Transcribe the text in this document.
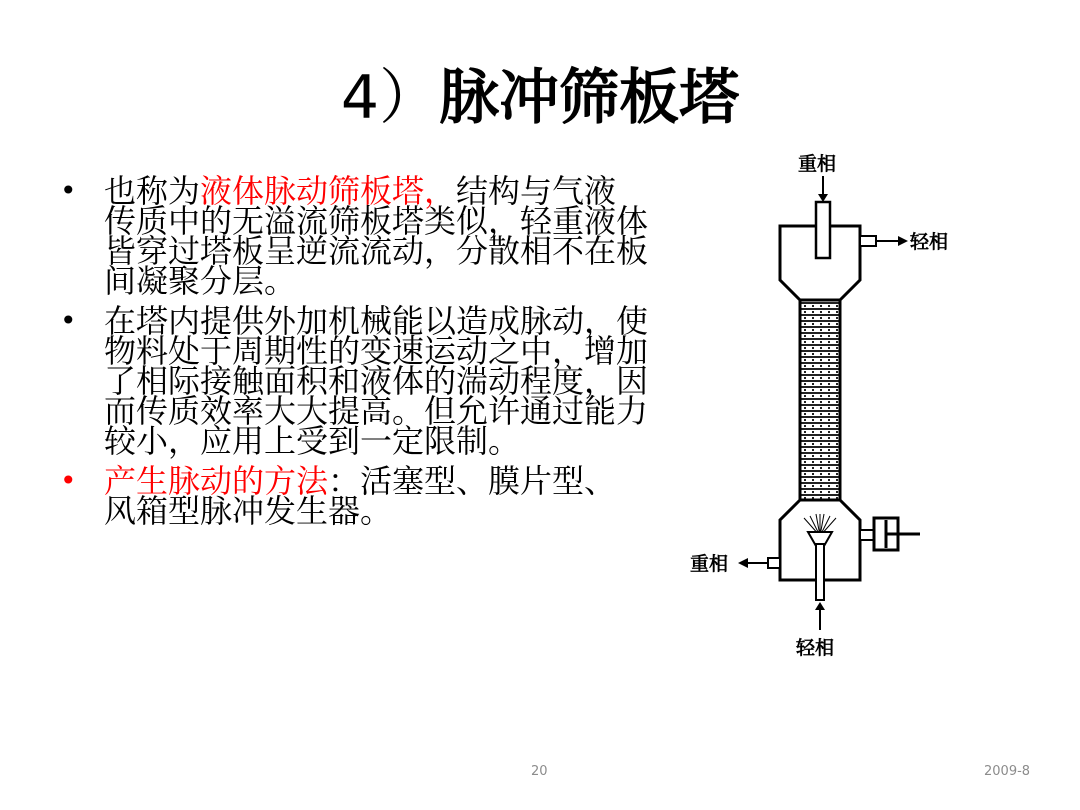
4）脉冲筛板塔
• 也称为液体脉动筛板塔，结构与气液传质中的无溢流筛板塔类似，轻重液体皆穿过塔板呈逆流流动，分散相不在板间凝聚分层。
• 在塔内提供外加机械能以造成脉动，使物料处于周期性的变速运动之中，增加了相际接触面积和液体的湍动程度，因而传质效率大大提高。但允许通过能力较小，应用上受到一定限制。
• 产生脉动的方法：活塞型、膜片型、风箱型脉冲发生器。
重相
轻相
轻相
重相
20	2009-8
